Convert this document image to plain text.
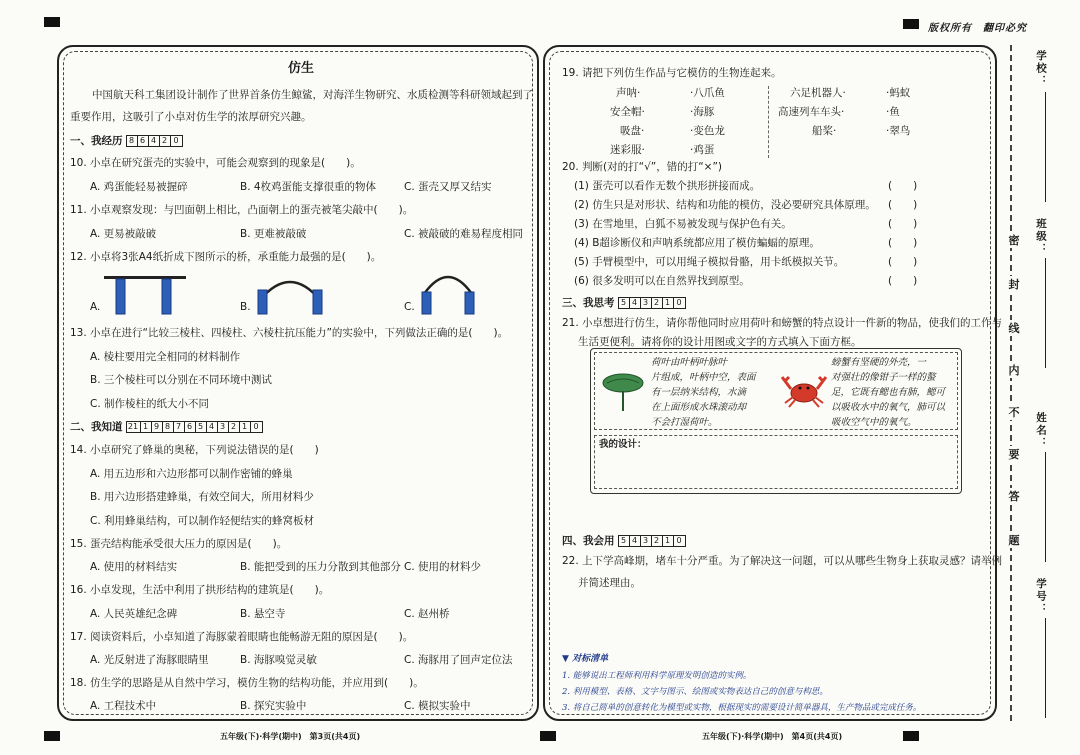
版权所有　翻印必究
仿生
中国航天科工集团设计制作了世界首条仿生鲸鲨，对海洋生物研究、水质检测等科研领域起到了
重要作用，这吸引了小卓对仿生学的浓厚研究兴趣。
一、我经历 8 6 4 2 0
10. 小卓在研究蛋壳的实验中，可能会观察到的现象是(　　)。
A. 鸡蛋能轻易被握碎	B. 4枚鸡蛋能支撑很重的物体	C. 蛋壳又厚又结实
11. 小卓观察发现：与凹面朝上相比，凸面朝上的蛋壳被笔尖敲中(　　)。
A. 更易被敲破	B. 更难被敲破	C. 被敲破的难易程度相同
12. 小卓将3张A4纸折成下图所示的桥，承重能力最强的是(　　)。
A.	B.	C.
13. 小卓在进行“比较三棱柱、四棱柱、六棱柱抗压能力”的实验中，下列做法正确的是(　　)。
A. 棱柱要用完全相同的材料制作
B. 三个棱柱可以分别在不同环境中测试
C. 制作棱柱的纸大小不同
二、我知道 21 1 9 8 7 6 5 4 3 2 1 0
14. 小卓研究了蜂巢的奥秘，下列说法错误的是(　　)
A. 用五边形和六边形都可以制作密铺的蜂巢
B. 用六边形搭建蜂巢，有效空间大，所用材料少
C. 利用蜂巢结构，可以制作轻便结实的蜂窝板材
15. 蛋壳结构能承受很大压力的原因是(　　)。
A. 使用的材料结实	B. 能把受到的压力分散到其他部分 C. 使用的材料少
16. 小卓发现，生活中利用了拱形结构的建筑是(　　)。
A. 人民英雄纪念碑	B. 悬空寺	C. 赵州桥
17. 阅读资料后，小卓知道了海豚蒙着眼睛也能畅游无阻的原因是(　　)。
A. 光反射进了海豚眼睛里	B. 海豚嗅觉灵敏	C. 海豚用了回声定位法
18. 仿生学的思路是从自然中学习，模仿生物的结构功能，并应用到(　　)。
A. 工程技术中	B. 探究实验中	C. 模拟实验中
19. 请把下列仿生作品与它模仿的生物连起来。
声呐·
安全帽·
吸盘·
迷彩服·
·八爪鱼
·海豚
·变色龙
·鸡蛋
六足机器人·
高速列车车头·
船桨·
·蚂蚁
·鱼
·翠鸟
20. 判断(对的打“√”，错的打“×”)
(1) 蛋壳可以看作无数个拱形拼接而成。	(　　)
(2) 仿生只是对形状、结构和功能的模仿，没必要研究具体原理。 (　　)
(3) 在雪地里，白狐不易被发现与保护色有关。	(　　)
(4) B超诊断仪和声呐系统都应用了模仿蝙蝠的原理。	(　　)
(5) 手臂模型中，可以用绳子模拟骨骼，用卡纸模拟关节。	(　　)
(6) 很多发明可以在自然界找到原型。	(　　)
三、我思考 5 4 3 2 1 0
21. 小卓想进行仿生，请你帮他同时应用荷叶和螃蟹的特点设计一件新的物品，使我们的工作与
生活更便利。请将你的设计用图或文字的方式填入下面方框。
荷叶由叶柄叶脉叶
片组成，叶柄中空，表面
有一层纳米结构，水滴
在上面形成水珠滚动却
不会打湿荷叶。
螃蟹有坚硬的外壳，一
对强壮的像钳子一样的螯
足，它既有鳃也有肺，鳃可
以吸收水中的氧气，肺可以
吸收空气中的氧气。
我的设计：
四、我会用 5 4 3 2 1 0
22. 上下学高峰期，堵车十分严重。为了解决这一问题，可以从哪些生物身上获取灵感？请举例
并简述理由。
▼ 对标清单
1. 能够说出工程师利用科学原理发明创造的实例。
2. 利用模型、表格、文字与图示、绘图或实物表达自己的创意与构思。
3. 将自己简单的创意转化为模型或实物，根据现实的需要设计简单器具，生产物品或完成任务。
密
封
线
内
不
要
答
题
学校：
班级：
姓名：
学号：
五年级(下)·科学(期中)　第3页(共4页)	五年级(下)·科学(期中)　第4页(共4页)
